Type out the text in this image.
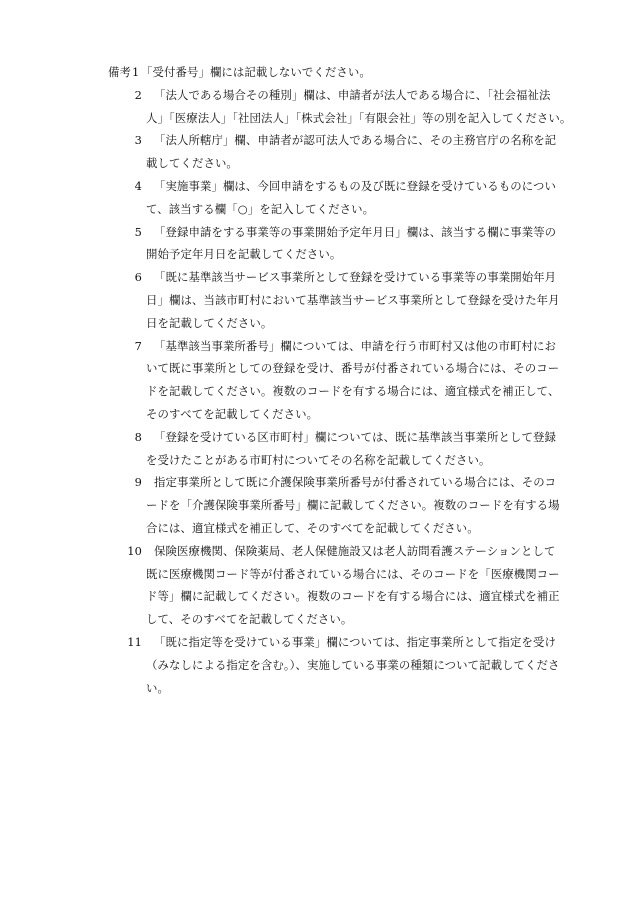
備考 1 「受付番号」欄には記載しないでください。
2 「法人である場合その種別」欄は、申請者が法人である場合に、「社会福祉法
人」「医療法人」「社団法人」「株式会社」「有限会社」等の別を記入してください。
3 「法人所轄庁」欄、申請者が認可法人である場合に、その主務官庁の名称を記
載してください。
4 「実施事業」欄は、今回申請をするもの及び既に登録を受けているものについ
て、該当する欄「○」を記入してください。
5 「登録申請をする事業等の事業開始予定年月日」欄は、該当する欄に事業等の
開始予定年月日を記載してください。
6 「既に基準該当サービス事業所として登録を受けている事業等の事業開始年月
日」欄は、当該市町村において基準該当サービス事業所として登録を受けた年月
日を記載してください。
7 「基準該当事業所番号」欄については、申請を行う市町村又は他の市町村にお
いて既に事業所としての登録を受け、番号が付番されている場合には、そのコー
ドを記載してください。複数のコードを有する場合には、適宜様式を補正して、
そのすべてを記載してください。
8 「登録を受けている区市町村」欄については、既に基準該当事業所として登録
を受けたことがある市町村についてその名称を記載してください。
9 指定事業所として既に介護保険事業所番号が付番されている場合には、そのコ
ードを「介護保険事業所番号」欄に記載してください。複数のコードを有する場
合には、適宜様式を補正して、そのすべてを記載してください。
10 保険医療機関、保険薬局、老人保健施設又は老人訪問看護ステーションとして
既に医療機関コード等が付番されている場合には、そのコードを「医療機関コー
ド等」欄に記載してください。複数のコードを有する場合には、適宜様式を補正
して、そのすべてを記載してください。
11 「既に指定等を受けている事業」欄については、指定事業所として指定を受け
（みなしによる指定を含む。）、実施している事業の種類について記載してくださ
い。
